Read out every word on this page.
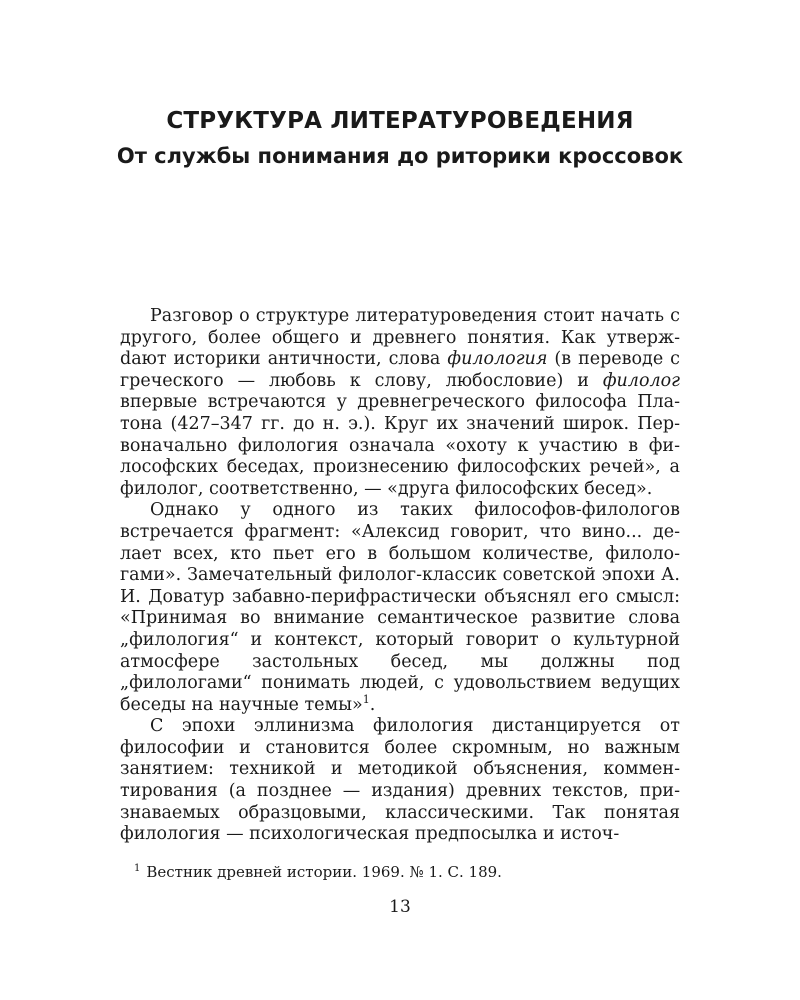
СТРУКТУРА ЛИТЕРАТУРОВЕДЕНИЯ
От службы понимания до риторики кроссовок

Разговор о структуре литературоведения стоит начать с другого, более общего и древнего понятия. Как утвержdают историки античности, слова филология (в переводе с греческого — любовь к слову, любословие) и филолог впервые встречаются у древнегреческого философа Платона (427–347 гг. до н. э.). Круг их значений широк. Первоначально филология означала «охоту к участию в философских беседах, произнесению философских речей», а филолог, соответственно, — «друга философских бесед».

Однако у одного из таких философов-филологов встречается фрагмент: «Алексид говорит, что вино... делает всех, кто пьет его в большом количестве, филологами». Замечательный филолог-классик советской эпохи А. И. Доватур забавно-перифрастически объяснял его смысл: «Принимая во внимание семантическое развитие слова „филология“ и контекст, который говорит о культурной атмосфере застольных бесед, мы должны под „филологами“ понимать людей, с удовольствием ведущих беседы на научные темы»$^1$.

С эпохи эллинизма филология дистанцируется от философии и становится более скромным, но важным занятием: техникой и методикой объяснения, комментирования (а позднее — издания) древних текстов, признаваемых образцовыми, классическими. Так понятая филология — психологическая предпосылка и источ-

$^1$ Вестник древней истории. 1969. № 1. С. 189.

13
